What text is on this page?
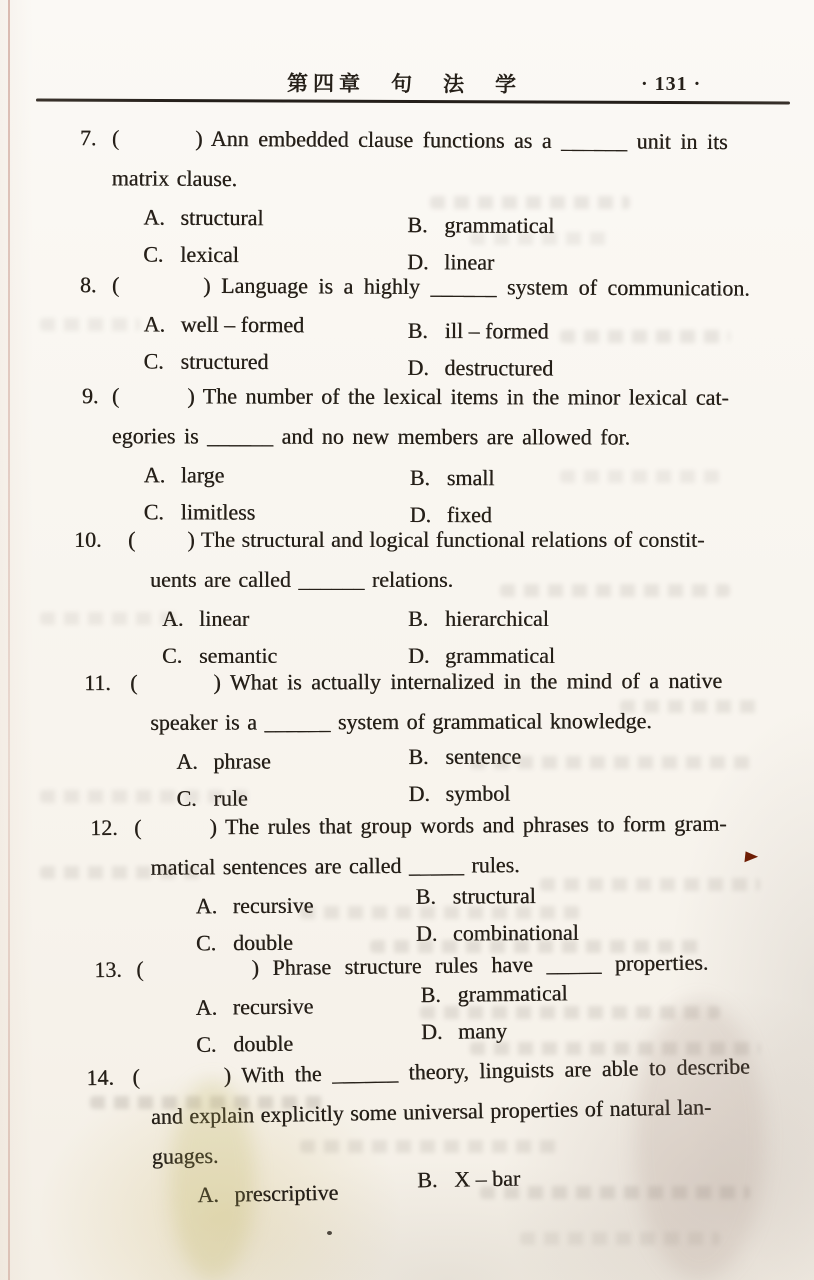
第四章　句　法　学	· 131 ·
7. (        ) Ann embedded clause functions as a ______ unit in its
matrix clause.
A. structural	B. grammatical
C. lexical	D. linear
8. (        ) Language is a highly ______ system of communication.
A. well – formed	B. ill – formed
C. structured	D. destructured
9. (        ) The number of the lexical items in the minor lexical cat-
egories is ______ and no new members are allowed for.
A. large	B. small
C. limitless	D. fixed
10. (        ) The structural and logical functional relations of constit-
uents are called ______ relations.
A. linear	B. hierarchical
C. semantic	D. grammatical
11. (        ) What is actually internalized in the mind of a native
speaker is a ______ system of grammatical knowledge.
A. phrase	B. sentence
C. rule	D. symbol
12. (        ) The rules that group words and phrases to form gram-
matical sentences are called _____ rules.
A. recursive	B. structural
C. double	D. combinational
13. (        ) Phrase structure rules have _____ properties.
A. recursive	B. grammatical
C. double	D. many
14. (        ) With the ______ theory, linguists are able to describe
and explain explicitly some universal properties of natural lan-
guages.
A. prescriptive
B. X – bar
